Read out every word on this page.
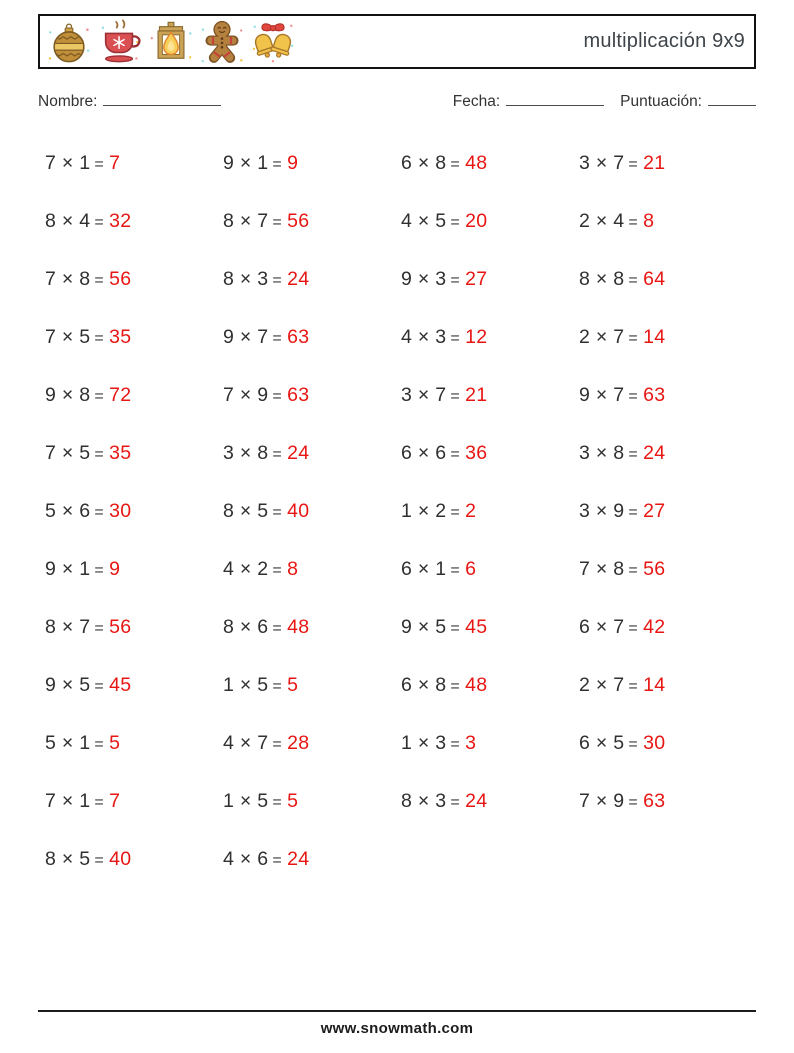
multiplicación 9x9
Nombre:	Fecha:	Puntuación:
7 × 1 = 7	9 × 1 = 9	6 × 8 = 48	3 × 7 = 21
8 × 4 = 32	8 × 7 = 56	4 × 5 = 20	2 × 4 = 8
7 × 8 = 56	8 × 3 = 24	9 × 3 = 27	8 × 8 = 64
7 × 5 = 35	9 × 7 = 63	4 × 3 = 12	2 × 7 = 14
9 × 8 = 72	7 × 9 = 63	3 × 7 = 21	9 × 7 = 63
7 × 5 = 35	3 × 8 = 24	6 × 6 = 36	3 × 8 = 24
5 × 6 = 30	8 × 5 = 40	1 × 2 = 2	3 × 9 = 27
9 × 1 = 9	4 × 2 = 8	6 × 1 = 6	7 × 8 = 56
8 × 7 = 56	8 × 6 = 48	9 × 5 = 45	6 × 7 = 42
9 × 5 = 45	1 × 5 = 5	6 × 8 = 48	2 × 7 = 14
5 × 1 = 5	4 × 7 = 28	1 × 3 = 3	6 × 5 = 30
7 × 1 = 7	1 × 5 = 5	8 × 3 = 24	7 × 9 = 63
8 × 5 = 40	4 × 6 = 24
www.snowmath.com
